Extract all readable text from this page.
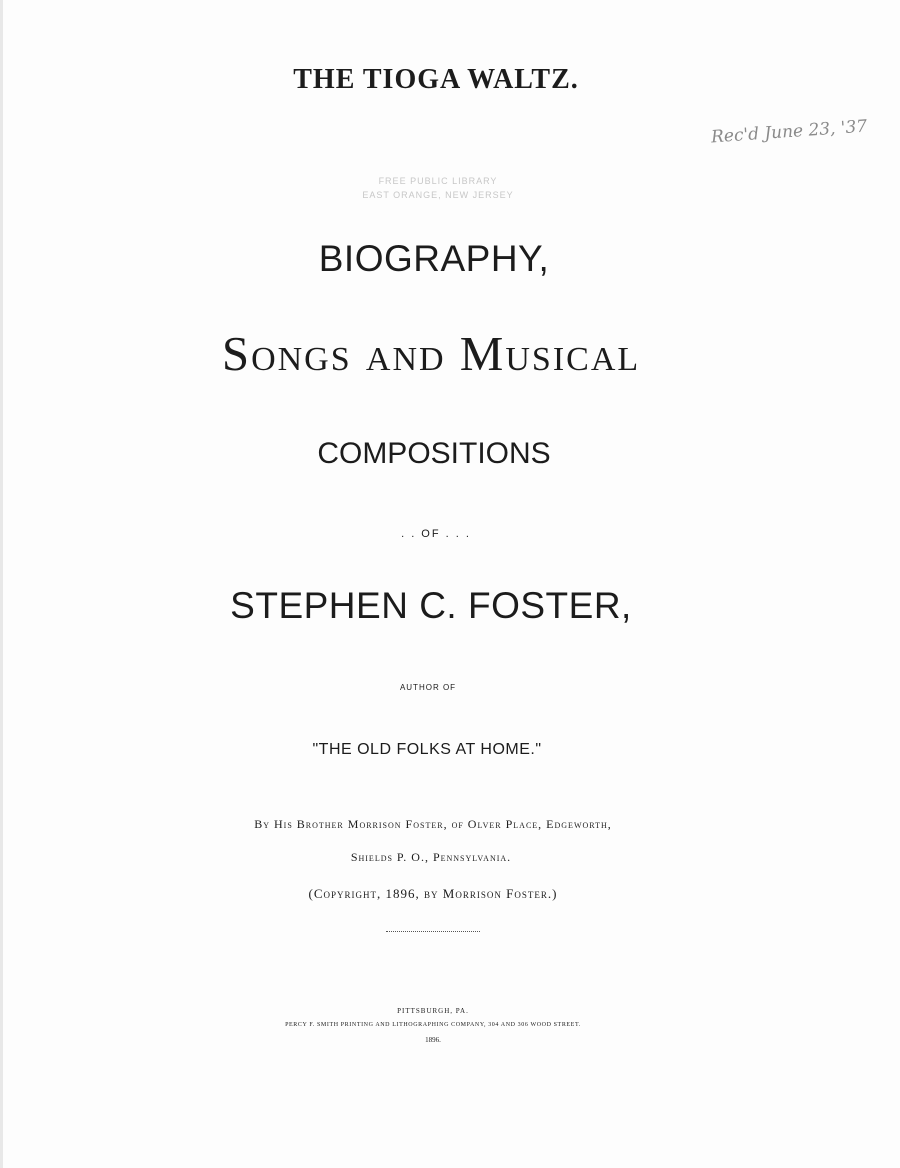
THE TIOGA WALTZ.
Rec'd June 23, '37
FREE PUBLIC LIBRARY
EAST ORANGE, NEW JERSEY
BIOGRAPHY,
Songs and Musical
COMPOSITIONS
. . OF . . .
STEPHEN C. FOSTER,
AUTHOR OF
"THE OLD FOLKS AT HOME."
By His Brother Morrison Foster, of Olver Place, Edgeworth,
Shields P. O., Pennsylvania.
(Copyright, 1896, by Morrison Foster.)
PITTSBURGH, PA.
PERCY F. SMITH PRINTING AND LITHOGRAPHING COMPANY, 304 AND 306 WOOD STREET.
1896.
